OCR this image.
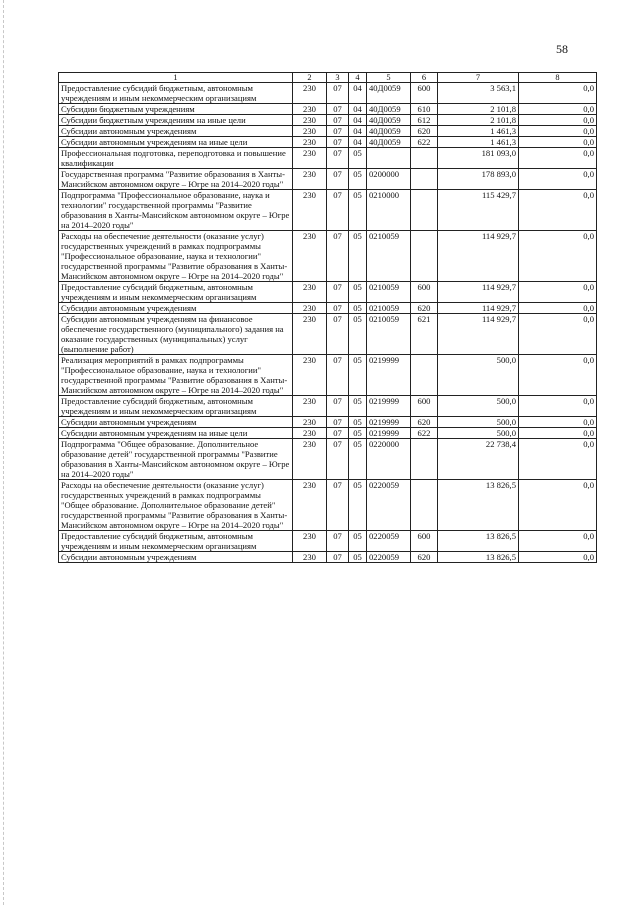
58
1	2	3	4	5	6	7	8
Предоставление субсидий бюджетным, автономным учреждениям и иным некоммерческим организациям	230	07	04	40Д0059	600	3 563,1	0,0
Субсидии бюджетным учреждениям	230	07	04	40Д0059	610	2 101,8	0,0
Субсидии бюджетным учреждениям на иные цели	230	07	04	40Д0059	612	2 101,8	0,0
Субсидии автономным учреждениям	230	07	04	40Д0059	620	1 461,3	0,0
Субсидии автономным учреждениям на иные цели	230	07	04	40Д0059	622	1 461,3	0,0
Профессиональная подготовка, переподготовка и повышение квалификации	230	07	05			181 093,0	0,0
Государственная программа "Развитие образования в Ханты-Мансийском автономном округе – Югре на 2014–2020 годы"	230	07	05	0200000		178 893,0	0,0
Подпрограмма "Профессиональное образование, наука и технологии" государственной программы "Развитие образования в Ханты-Мансийском автономном округе – Югре на 2014–2020 годы"	230	07	05	0210000		115 429,7	0,0
Расходы на обеспечение деятельности (оказание услуг) государственных учреждений в рамках подпрограммы "Профессиональное образование, наука и технологии" государственной программы "Развитие образования в Ханты-Мансийском автономном округе – Югре на 2014–2020 годы"	230	07	05	0210059		114 929,7	0,0
Предоставление субсидий бюджетным, автономным учреждениям и иным некоммерческим организациям	230	07	05	0210059	600	114 929,7	0,0
Субсидии автономным учреждениям	230	07	05	0210059	620	114 929,7	0,0
Субсидии автономным учреждениям на финансовое обеспечение государственного (муниципального) задания на оказание государственных (муниципальных) услуг (выполнение работ)	230	07	05	0210059	621	114 929,7	0,0
Реализация мероприятий в рамках подпрограммы "Профессиональное образование, наука и технологии" государственной программы "Развитие образования в Ханты-Мансийском автономном округе – Югре на 2014–2020 годы"	230	07	05	0219999		500,0	0,0
Предоставление субсидий бюджетным, автономным учреждениям и иным некоммерческим организациям	230	07	05	0219999	600	500,0	0,0
Субсидии автономным учреждениям	230	07	05	0219999	620	500,0	0,0
Субсидии автономным учреждениям на иные цели	230	07	05	0219999	622	500,0	0,0
Подпрограмма "Общее образование. Дополнительное образование детей" государственной программы "Развитие образования в Ханты-Мансийском автономном округе – Югре на 2014–2020 годы"	230	07	05	0220000		22 738,4	0,0
Расходы на обеспечение деятельности (оказание услуг) государственных учреждений в рамках подпрограммы "Общее образование. Дополнительное образование детей" государственной программы "Развитие образования в Ханты-Мансийском автономном округе – Югре на 2014–2020 годы"	230	07	05	0220059		13 826,5	0,0
Предоставление субсидий бюджетным, автономным учреждениям и иным некоммерческим организациям	230	07	05	0220059	600	13 826,5	0,0
Субсидии автономным учреждениям	230	07	05	0220059	620	13 826,5	0,0
